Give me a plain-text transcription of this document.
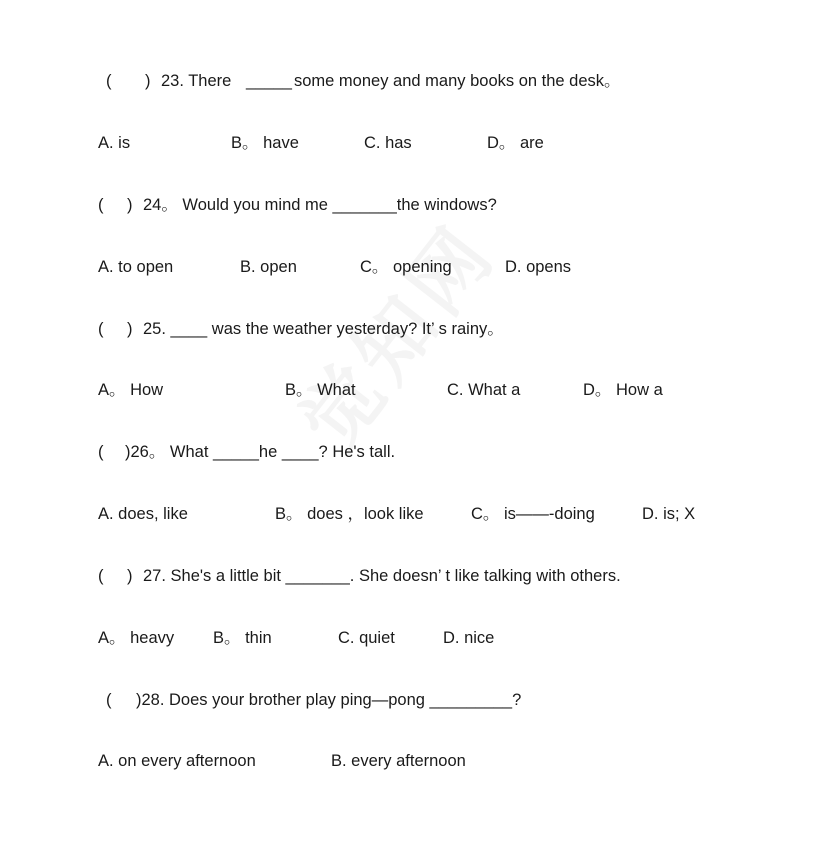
(

)

23. There

_____

some money and many books on the desk。

A. is

	B。 have

	C. has

	D。 are

(

)

24。 Would you mind me _______the windows?

A. to open

	B. open

	C。 opening

	D. opens

(

)

25. ____ was the weather yesterday? It’ s rainy。

A。 How

	B。 What

	C. What a

	D。 How a

(

)26。 What _____he ____? He's tall.

A. does, like

	B。 does ，look like

	C。 is——-doing

	D. is; X

(

)

27. She's a little bit _______. She doesn’ t like talking with others.

A。 heavy

B。 thin

	C. quiet

	D. nice

(

)28. Does your brother play ping—pong _________?

A. on every afternoon

	B. every afternoon
